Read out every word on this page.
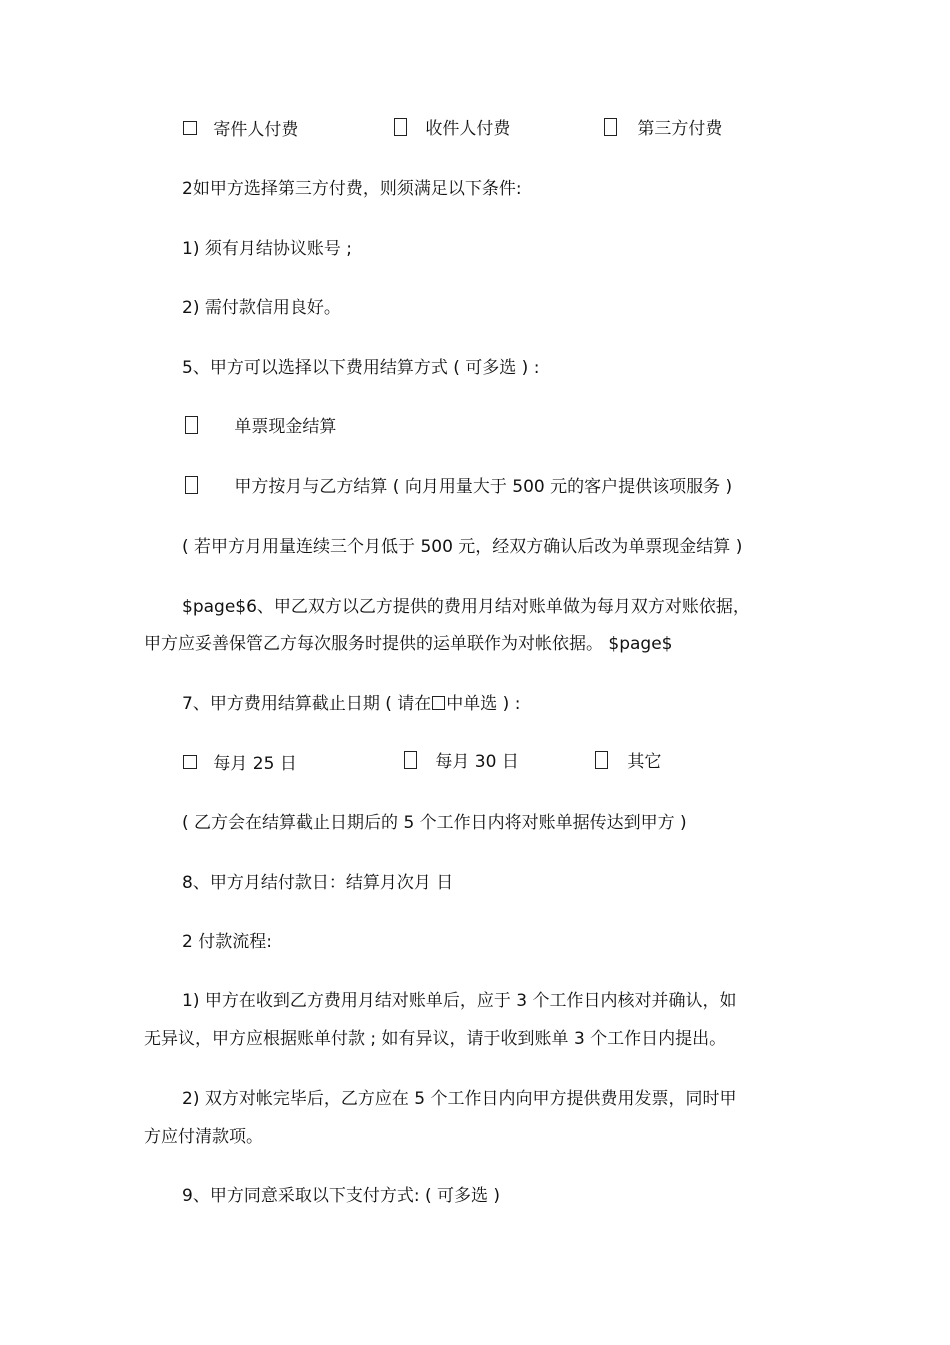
寄件人付费	收件人付费	第三方付费
2如甲方选择第三方付费，则须满足以下条件:
1) 须有月结协议账号 ;
2) 需付款信用良好。
5、甲方可以选择以下费用结算方式 ( 可多选 ) :
单票现金结算
甲方按月与乙方结算 ( 向月用量大于 500 元的客户提供该项服务 )
( 若甲方月用量连续三个月低于 500 元，经双方确认后改为单票现金结算 )
$page$6、甲乙双方以乙方提供的费用月结对账单做为每月双方对账依据，
甲方应妥善保管乙方每次服务时提供的运单联作为对帐依据。 $page$
7、甲方费用结算截止日期 ( 请在 中单选 ) :
每月 25 日	每月 30 日	其它
( 乙方会在结算截止日期后的 5 个工作日内将对账单据传达到甲方 )
8、甲方月结付款日：结算月次月 日
2 付款流程:
1) 甲方在收到乙方费用月结对账单后，应于 3 个工作日内核对并确认，如
无异议，甲方应根据账单付款 ; 如有异议，请于收到账单 3 个工作日内提出。
2) 双方对帐完毕后，乙方应在 5 个工作日内向甲方提供费用发票，同时甲
方应付清款项。
9、甲方同意采取以下支付方式: ( 可多选 )
